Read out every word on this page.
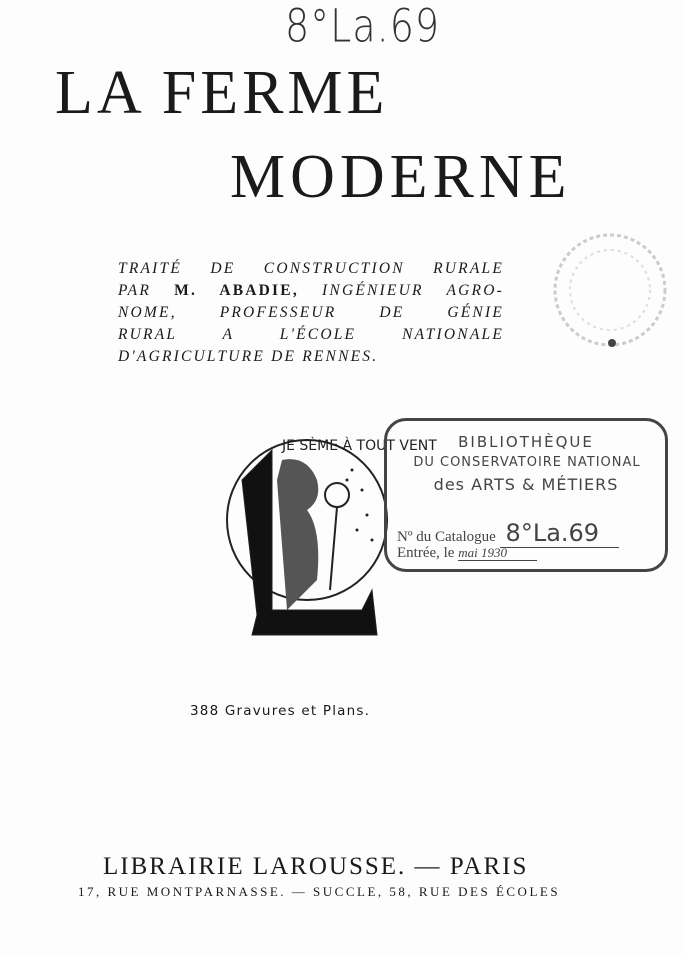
8°La.69
LA FERME
MODERNE
TRAITÉ DE CONSTRUCTION RURALE
PAR M. ABADIE, INGÉNIEUR AGRO-
NOME, PROFESSEUR DE GÉNIE
RURAL A L'ÉCOLE NATIONALE
D'AGRICULTURE DE RENNES.
JE SÈME À TOUT VENT	BIBLIOTHÈQUE
DU CONSERVATOIRE NATIONAL
des ARTS & MÉTIERS
Nº du Catalogue 8°La.69
Entrée, le mai 1930
388 Gravures et Plans.
LIBRAIRIE LAROUSSE. — PARIS
17, RUE MONTPARNASSE. — SUCCLE, 58, RUE DES ÉCOLES
